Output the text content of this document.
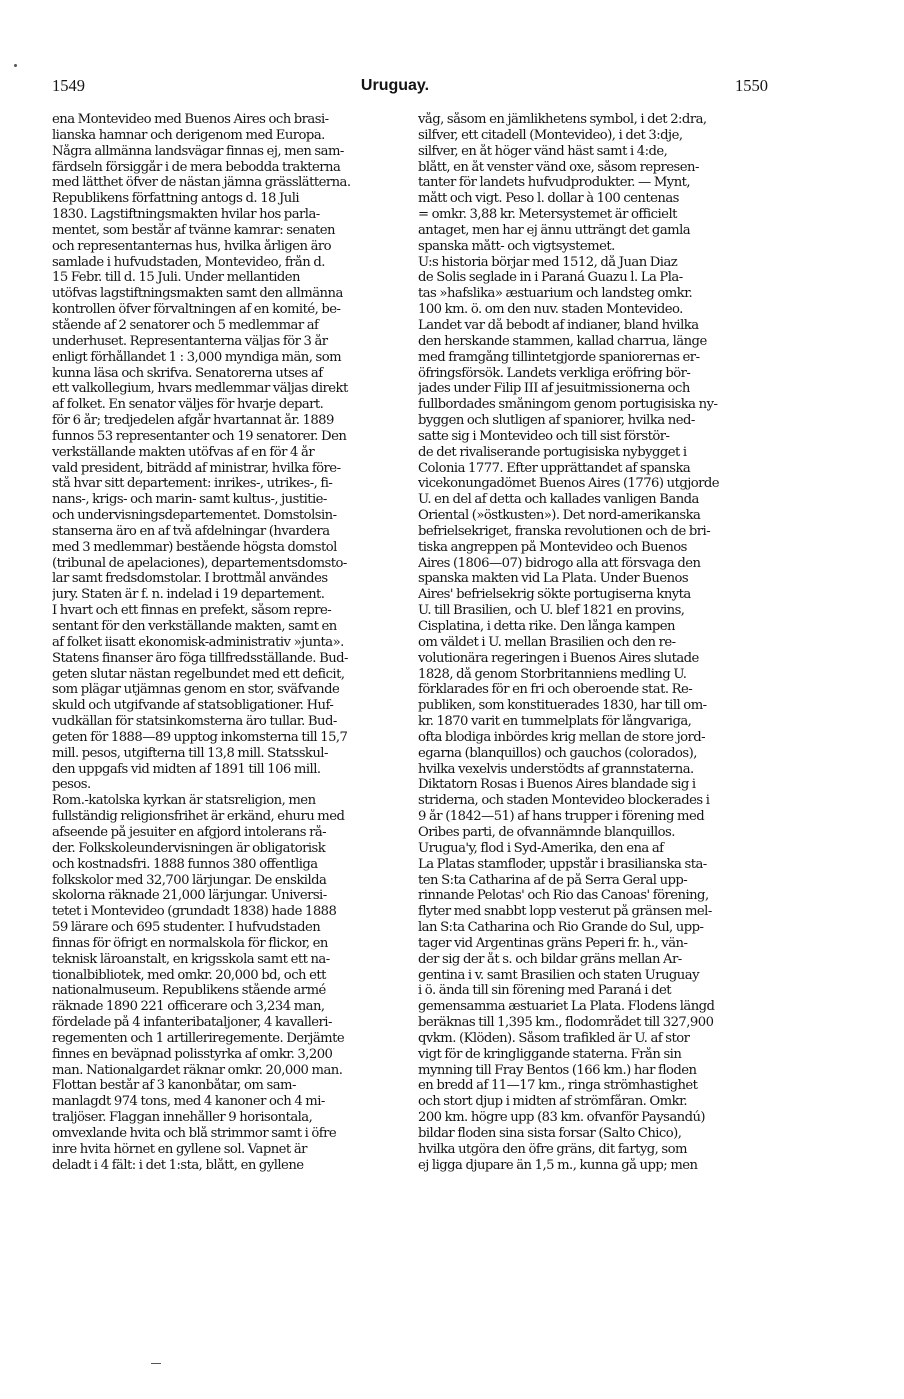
1549	Uruguay.	1550
ena Montevideo med Buenos Aires och brasi-
lianska hamnar och derigenom med Europa.
Några allmänna landsvägar finnas ej, men sam-
färdseln försiggår i de mera bebodda trakterna
med lätthet öfver de nästan jämna grässlätterna.
Republikens författning antogs d. 18 Juli
1830. Lagstiftningsmakten hvilar hos parla-
mentet, som består af tvänne kamrar: senaten
och representanternas hus, hvilka årligen äro
samlade i hufvudstaden, Montevideo, från d.
15 Febr. till d. 15 Juli. Under mellantiden
utöfvas lagstiftningsmakten samt den allmänna
kontrollen öfver förvaltningen af en komité, be-
stående af 2 senatorer och 5 medlemmar af
underhuset. Representanterna väljas för 3 år
enligt förhållandet 1 : 3,000 myndiga män, som
kunna läsa och skrifva. Senatorerna utses af
ett valkollegium, hvars medlemmar väljas direkt
af folket. En senator väljes för hvarje depart.
för 6 år; tredjedelen afgår hvartannat år. 1889
funnos 53 representanter och 19 senatorer. Den
verkställande makten utöfvas af en för 4 år
vald president, biträdd af ministrar, hvilka före-
stå hvar sitt departement: inrikes-, utrikes-, fi-
nans-, krigs- och marin- samt kultus-, justitie-
och undervisningsdepartementet. Domstolsin-
stanserna äro en af två afdelningar (hvardera
med 3 medlemmar) bestående högsta domstol
(tribunal de apelaciones), departementsdomsto-
lar samt fredsdomstolar. I brottmål användes
jury. Staten är f. n. indelad i 19 departement.
I hvart och ett finnas en prefekt, såsom repre-
sentant för den verkställande makten, samt en
af folket iisatt ekonomisk-administrativ »junta».
Statens finanser äro föga tillfredsställande. Bud-
geten slutar nästan regelbundet med ett deficit,
som plägar utjämnas genom en stor, sväfvande
skuld och utgifvande af statsobligationer. Huf-
vudkällan för statsinkomsterna äro tullar. Bud-
geten för 1888—89 upptog inkomsterna till 15,7
mill. pesos, utgifterna till 13,8 mill. Statsskul-
den uppgafs vid midten af 1891 till 106 mill.
pesos.
Rom.-katolska kyrkan är statsreligion, men
fullständig religionsfrihet är erkänd, ehuru med
afseende på jesuiter en afgjord intolerans rå-
der. Folkskoleundervisningen är obligatorisk
och kostnadsfri. 1888 funnos 380 offentliga
folkskolor med 32,700 lärjungar. De enskilda
skolorna räknade 21,000 lärjungar. Universi-
tetet i Montevideo (grundadt 1838) hade 1888
59 lärare och 695 studenter. I hufvudstaden
finnas för öfrigt en normalskola för flickor, en
teknisk läroanstalt, en krigsskola samt ett na-
tionalbibliotek, med omkr. 20,000 bd, och ett
nationalmuseum. Republikens stående armé
räknade 1890 221 officerare och 3,234 man,
fördelade på 4 infanteribataljoner, 4 kavalleri-
regementen och 1 artilleriregemente. Derjämte
finnes en beväpnad polisstyrka af omkr. 3,200
man. Nationalgardet räknar omkr. 20,000 man.
Flottan består af 3 kanonbåtar, om sam-
manlagdt 974 tons, med 4 kanoner och 4 mi-
traljöser. Flaggan innehåller 9 horisontala,
omvexlande hvita och blå strimmor samt i öfre
inre hvita hörnet en gyllene sol. Vapnet är
deladt i 4 fält: i det 1:sta, blått, en gyllene
våg, såsom en jämlikhetens symbol, i det 2:dra,
silfver, ett citadell (Montevideo), i det 3:dje,
silfver, en åt höger vänd häst samt i 4:de,
blått, en åt venster vänd oxe, såsom represen-
tanter för landets hufvudprodukter. — Mynt,
mått och vigt. Peso l. dollar à 100 centenas
= omkr. 3,88 kr. Metersystemet är officielt
antaget, men har ej ännu utträngt det gamla
spanska mått- och vigtsystemet.
U:s historia börjar med 1512, då Juan Diaz
de Solis seglade in i Paraná Guazu l. La Pla-
tas »hafslika» æstuarium och landsteg omkr.
100 km. ö. om den nuv. staden Montevideo.
Landet var då bebodt af indianer, bland hvilka
den herskande stammen, kallad charrua, länge
med framgång tillintetgjorde spaniorernas er-
öfringsförsök. Landets verkliga eröfring bör-
jades under Filip III af jesuitmissionerna och
fullbordades småningom genom portugisiska ny-
byggen och slutligen af spaniorer, hvilka ned-
satte sig i Montevideo och till sist förstör-
de det rivaliserande portugisiska nybygget i
Colonia 1777. Efter upprättandet af spanska
vicekonungadömet Buenos Aires (1776) utgjorde
U. en del af detta och kallades vanligen Banda
Oriental (»östkusten»). Det nord-amerikanska
befrielsekriget, franska revolutionen och de bri-
tiska angreppen på Montevideo och Buenos
Aires (1806—07) bidrogo alla att försvaga den
spanska makten vid La Plata. Under Buenos
Aires' befrielsekrig sökte portugiserna knyta
U. till Brasilien, och U. blef 1821 en provins,
Cisplatina, i detta rike. Den långa kampen
om väldet i U. mellan Brasilien och den re-
volutionära regeringen i Buenos Aires slutade
1828, då genom Storbritanniens medling U.
förklarades för en fri och oberoende stat. Re-
publiken, som konstituerades 1830, har till om-
kr. 1870 varit en tummelplats för långvariga,
ofta blodiga inbördes krig mellan de store jord-
egarna (blanquillos) och gauchos (colorados),
hvilka vexelvis understödts af grannstaterna.
Diktatorn Rosas i Buenos Aires blandade sig i
striderna, och staden Montevideo blockerades i
9 år (1842—51) af hans trupper i förening med
Oribes parti, de ofvannämnde blanquillos.
Urugua'y, flod i Syd-Amerika, den ena af
La Platas stamfloder, uppstår i brasilianska sta-
ten S:ta Catharina af de på Serra Geral upp-
rinnande Pelotas' och Rio das Canoas' förening,
flyter med snabbt lopp vesterut på gränsen mel-
lan S:ta Catharina och Rio Grande do Sul, upp-
tager vid Argentinas gräns Peperi fr. h., vän-
der sig der åt s. och bildar gräns mellan Ar-
gentina i v. samt Brasilien och staten Uruguay
i ö. ända till sin förening med Paraná i det
gemensamma æstuariet La Plata. Flodens längd
beräknas till 1,395 km., flodområdet till 327,900
qvkm. (Klöden). Såsom trafikled är U. af stor
vigt för de kringliggande staterna. Från sin
mynning till Fray Bentos (166 km.) har floden
en bredd af 11—17 km., ringa strömhastighet
och stort djup i midten af strömfåran. Omkr.
200 km. högre upp (83 km. ofvanför Paysandú)
bildar floden sina sista forsar (Salto Chico),
hvilka utgöra den öfre gräns, dit fartyg, som
ej ligga djupare än 1,5 m., kunna gå upp; men
